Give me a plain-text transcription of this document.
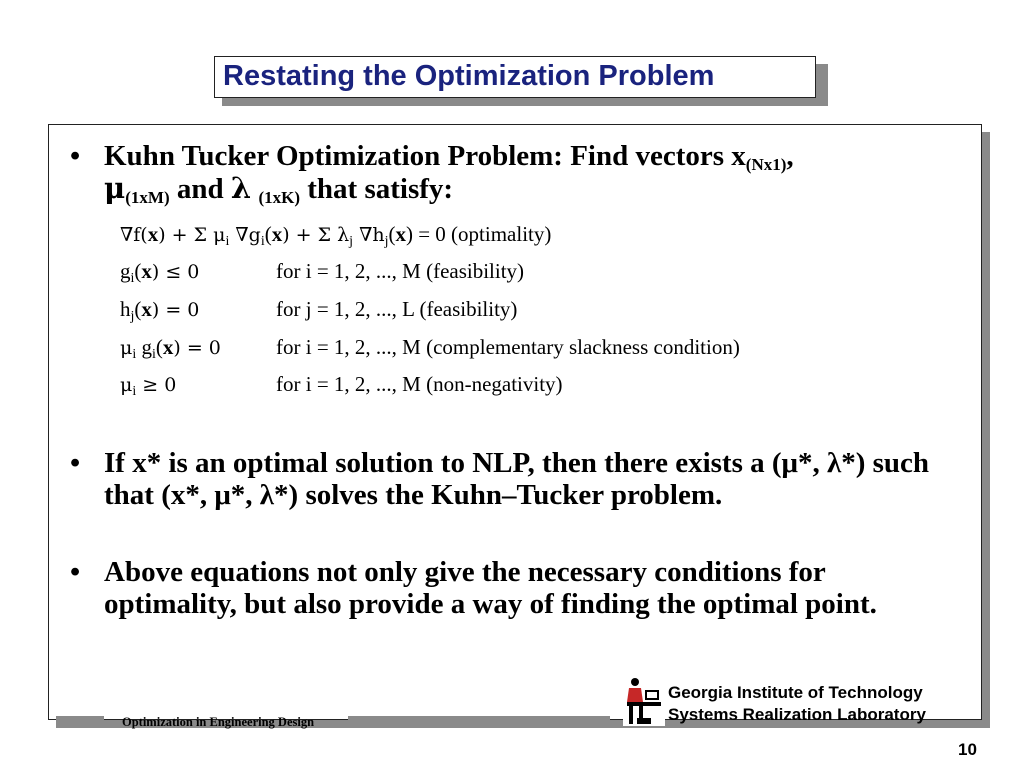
Restating the Optimization Problem
• Kuhn Tucker Optimization Problem: Find vectors $x_{(Nx1)}$,
$\mu_{(1xM)}$ and λ $_{(1xK)}$ that satisfy:
∇f(x) + Σ μi ∇gi(x) + Σ λj ∇hj(x) = 0 (optimality)
gi(x) ≤ 0	for i = 1, 2, ..., M (feasibility)
hj(x) = 0	for j = 1, 2, ..., L (feasibility)
μi gi(x) = 0	for i = 1, 2, ..., M (complementary slackness condition)
μi ≥ 0	for i = 1, 2, ..., M (non-negativity)
• If x* is an optimal solution to NLP, then there exists a (μ*, λ*) such that (x*, μ*, λ*) solves the Kuhn–Tucker problem.
• Above equations not only give the necessary conditions for optimality, but also provide a way of finding the optimal point.
Optimization in Engineering Design
Georgia Institute of Technology
Systems Realization Laboratory
10
